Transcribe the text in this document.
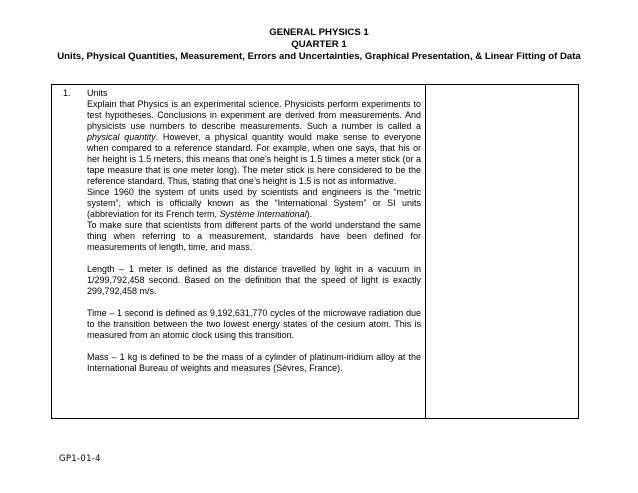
GENERAL PHYSICS 1
QUARTER 1
Units, Physical Quantities, Measurement, Errors and Uncertainties, Graphical Presentation, & Linear Fitting of Data
1.	Units

Explain that Physics is an experimental science. Physicists perform experiments to test hypotheses. Conclusions in experiment are derived from measurements. And physicists use numbers to describe measurements. Such a number is called a physical quantity. However, a physical quantity would make sense to everyone when compared to a reference standard. For example, when one says, that his or her height is 1.5 meters, this means that one’s height is 1.5 times a meter stick (or a tape measure that is one meter long). The meter stick is here considered to be the reference standard. Thus, stating that one’s height is 1.5 is not as informative.

Since 1960 the system of units used by scientists and engineers is the “metric system”, which is officially known as the “International System” or SI units (abbreviation for its French term, Système International).

To make sure that scientists from different parts of the world understand the same thing when referring to a measurement, standards have been defined for measurements of length, time, and mass.

Length – 1 meter is defined as the distance travelled by light in a vacuum in 1/299,792,458 second. Based on the definition that the speed of light is exactly 299,792,458 m/s.

Time – 1 second is defined as 9,192,631,770 cycles of the microwave radiation due to the transition between the two lowest energy states of the cesium atom. This is measured from an atomic clock using this transition.

Mass – 1 kg is defined to be the mass of a cylinder of platinum-iridium alloy at the International Bureau of weights and measures (Sèvres, France).

GP1-01-4
